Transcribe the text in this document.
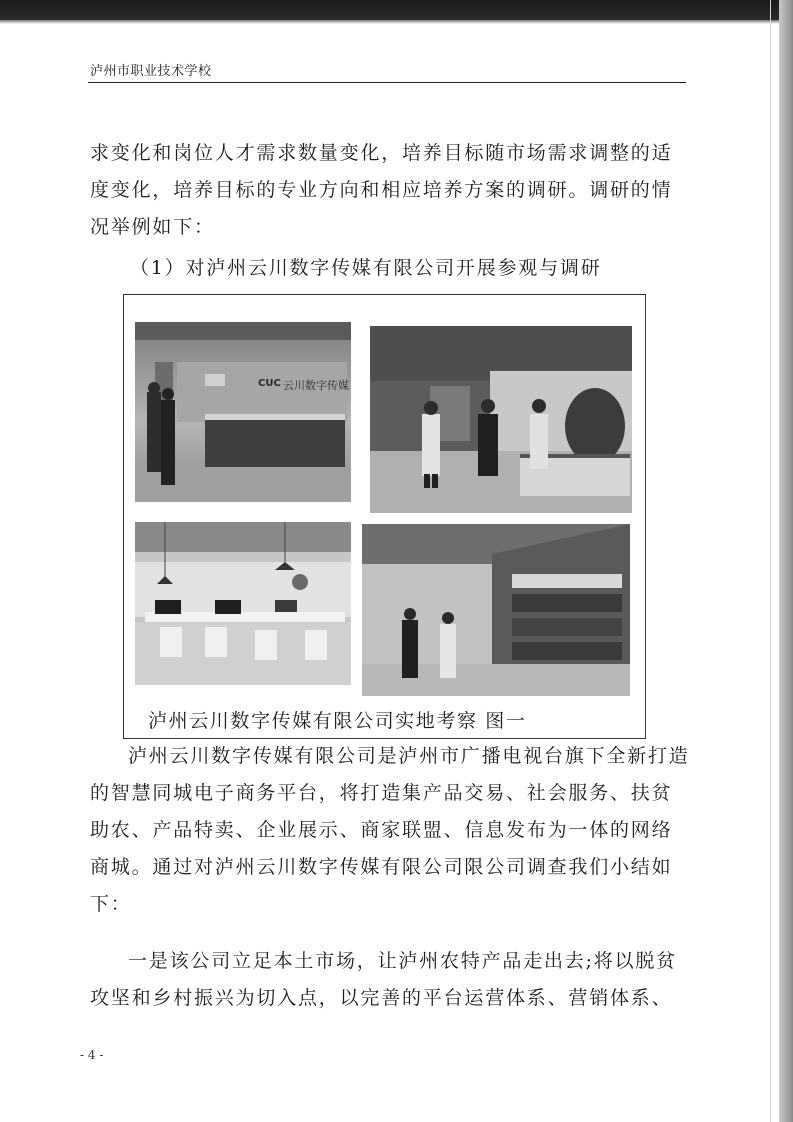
泸州市职业技术学校
求变化和岗位人才需求数量变化，培养目标随市场需求调整的适度变化，培养目标的专业方向和相应培养方案的调研。调研的情况举例如下：
（1）对泸州云川数字传媒有限公司开展参观与调研
CUC 云川数字传媒
泸州云川数字传媒有限公司实地考察 图一
泸州云川数字传媒有限公司是泸州市广播电视台旗下全新打造的智慧同城电子商务平台，将打造集产品交易、社会服务、扶贫助农、产品特卖、企业展示、商家联盟、信息发布为一体的网络商城。通过对泸州云川数字传媒有限公司限公司调查我们小结如下：
一是该公司立足本土市场，让泸州农特产品走出去;将以脱贫攻坚和乡村振兴为切入点，以完善的平台运营体系、营销体系、
- 4 -
